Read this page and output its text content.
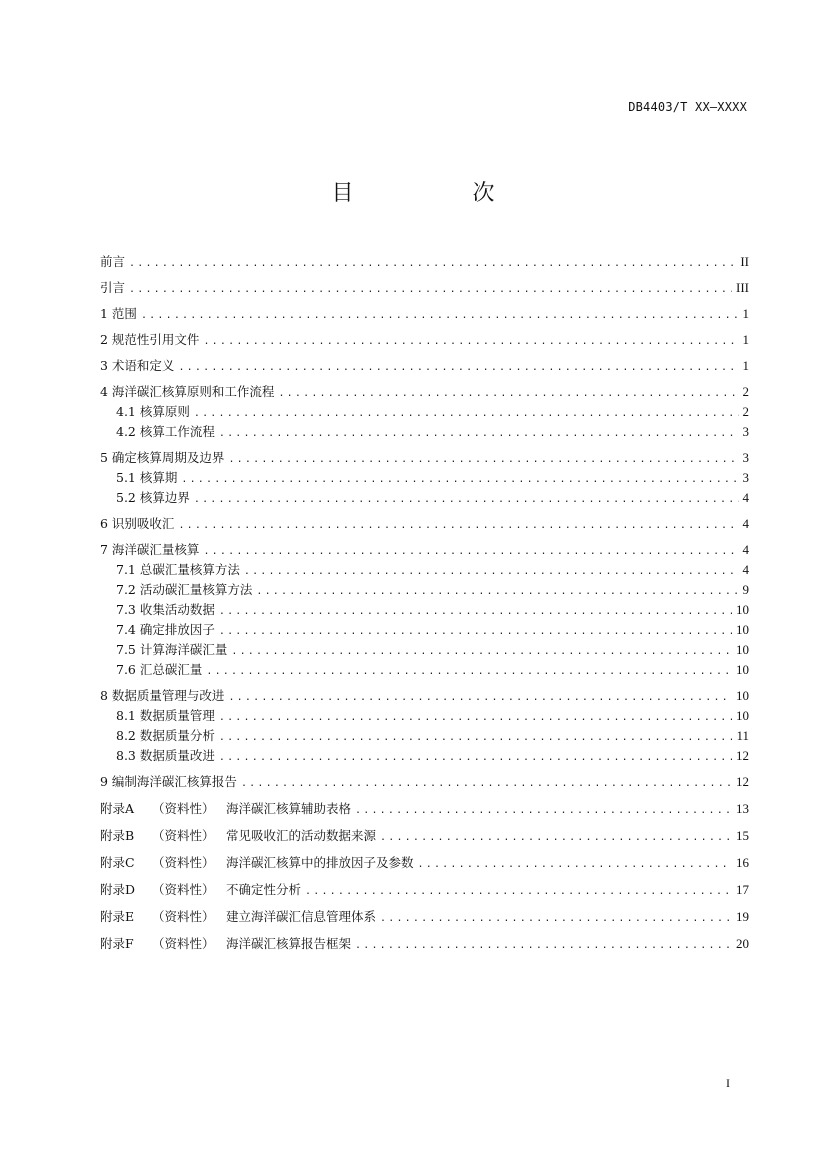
DB4403/T XX—XXXX
目 次
前言 .....	II
引言 .....	III
1 范围 .....	1
2 规范性引用文件 .....	1
3 术语和定义 .....	1
4 海洋碳汇核算原则和工作流程 .....	2
4.1 核算原则 .....	2
4.2 核算工作流程 .....	3
5 确定核算周期及边界 .....	3
5.1 核算期 .....	3
5.2 核算边界 .....	4
6 识别吸收汇 .....	4
7 海洋碳汇量核算 .....	4
7.1 总碳汇量核算方法 .....	4
7.2 活动碳汇量核算方法 .....	9
7.3 收集活动数据 .....	10
7.4 确定排放因子 .....	10
7.5 计算海洋碳汇量 .....	10
7.6 汇总碳汇量 .....	10
8 数据质量管理与改进 .....	10
8.1 数据质量管理 .....	10
8.2 数据质量分析 .....	11
8.3 数据质量改进 .....	12
9 编制海洋碳汇核算报告 .....	12
附录A （资料性） 海洋碳汇核算辅助表格 .....	13
附录B （资料性） 常见吸收汇的活动数据来源 .....	15
附录C （资料性） 海洋碳汇核算中的排放因子及参数 .....	16
附录D （资料性） 不确定性分析 .....	17
附录E （资料性） 建立海洋碳汇信息管理体系 .....	19
附录F （资料性） 海洋碳汇核算报告框架 .....	20
I
